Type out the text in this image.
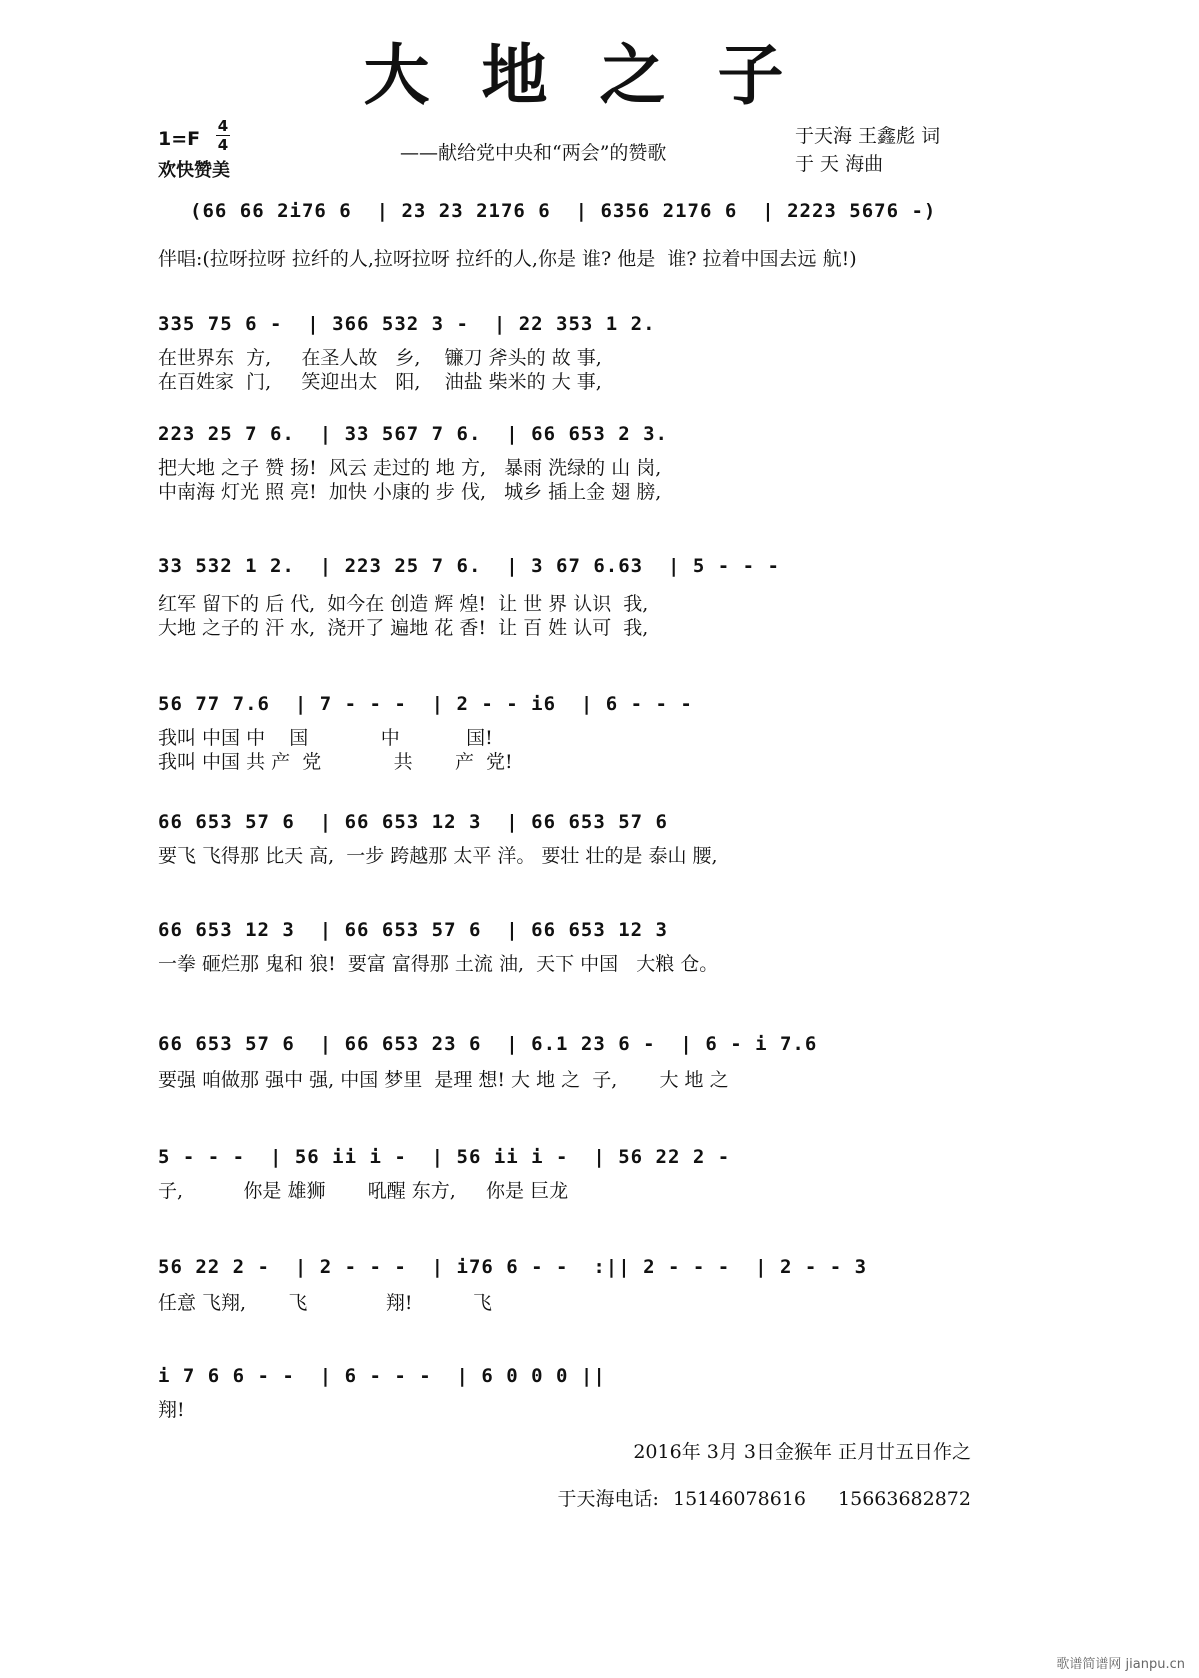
大地之子
1=F
4
4
欢快赞美
——献给党中央和“两会”的赞歌
于天海 王鑫彪 词
于 天 海曲
(66 66 2i76 6  | 23 23 2176 6  | 6356 2176 6  | 2223 5676 -)
伴唱:(拉呀拉呀 拉纤的人,拉呀拉呀 拉纤的人,你是 谁? 他是  谁? 拉着中国去远 航!)
335 75 6 -  | 366 532 3 -  | 22 353 1 2.
在世界东  方,     在圣人故   乡,    镰刀 斧头的 故 事,
在百姓家  门,     笑迎出太   阳,    油盐 柴米的 大 事,
223 25 7 6.  | 33 567 7 6.  | 66 653 2 3.
把大地 之子 赞 扬!  风云 走过的 地 方,   暴雨 洗绿的 山 岗,
中南海 灯光 照 亮!  加快 小康的 步 伐,   城乡 插上金 翅 膀,
33 532 1 2.  | 223 25 7 6.  | 3 67 6.63  | 5 - - -
红军 留下的 后 代,  如今在 创造 辉 煌!  让 世 界 认识  我,
大地 之子的 汗 水,  浇开了 遍地 花 香!  让 百 姓 认可  我,
56 77 7.6  | 7 - - -  | 2 - - i6  | 6 - - -
我叫 中国 中    国            中           国!
我叫 中国 共 产  党            共       产  党!
66 653 57 6  | 66 653 12 3  | 66 653 57 6
要飞 飞得那 比天 高,  一步 跨越那 太平 洋。 要壮 壮的是 泰山 腰,
66 653 12 3  | 66 653 57 6  | 66 653 12 3
一拳 砸烂那 鬼和 狼!  要富 富得那 土流 油,  天下 中国   大粮 仓。
66 653 57 6  | 66 653 23 6  | 6.1 23 6 -  | 6 - i 7.6
要强 咱做那 强中 强, 中国 梦里  是理 想! 大 地 之  子,       大 地 之
5 - - -  | 56 ii i -  | 56 ii i -  | 56 22 2 -
子,          你是 雄狮       吼醒 东方,     你是 巨龙
56 22 2 -  | 2 - - -  | i76 6 - -  :|| 2 - - -  | 2 - - 3
任意 飞翔,       飞             翔!          飞
i 7 6 6 - -  | 6 - - -  | 6 0 0 0 ||
翔!
2016年 3月 3日金猴年 正月廿五日作之
于天海电话: 15146078616 15663682872
歌谱简谱网 jianpu.cn
